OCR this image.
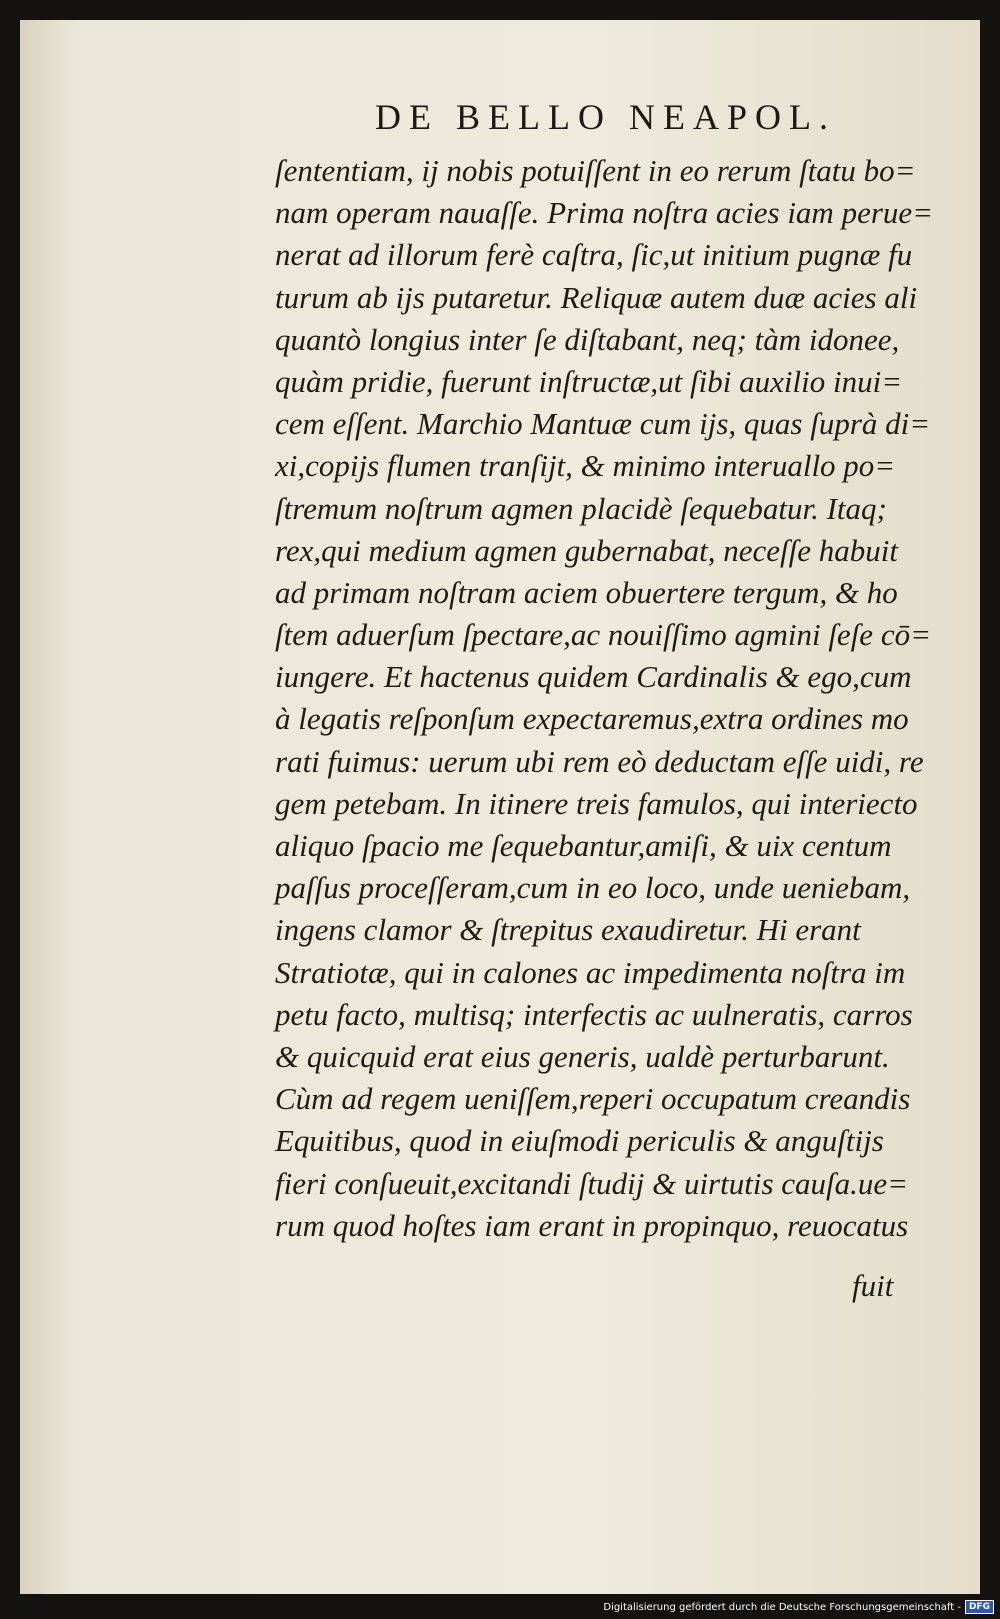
DE BELLO NEAPOL.
ſententiam, ij nobis potuiſſent in eo rerum ſtatu bo=
nam operam nauaſſe. Prima noſtra acies iam perue=
nerat ad illorum ferè caſtra, ſic,ut initium pugnæ fu
turum ab ijs putaretur. Reliquæ autem duæ acies ali
quantò longius inter ſe diſtabant, neq; tàm idonee,
quàm pridie, fuerunt inſtructæ,ut ſibi auxilio inui=
cem eſſent. Marchio Mantuæ cum ijs, quas ſuprà di=
xi,copijs flumen tranſijt, & minimo interuallo po=
ſtremum noſtrum agmen placidè ſequebatur. Itaq;
rex,qui medium agmen gubernabat, neceſſe habuit
ad primam noſtram aciem obuertere tergum, & ho
ſtem aduerſum ſpectare,ac nouiſſimo agmini ſeſe cō=
iungere. Et hactenus quidem Cardinalis & ego,cum
à legatis reſponſum expectaremus,extra ordines mo
rati fuimus: uerum ubi rem eò deductam eſſe uidi, re
gem petebam. In itinere treis famulos, qui interiecto
aliquo ſpacio me ſequebantur,amiſi, & uix centum
paſſus proceſſeram,cum in eo loco, unde ueniebam,
ingens clamor & ſtrepitus exaudiretur. Hi erant
Stratiotæ, qui in calones ac impedimenta noſtra im
petu facto, multisq; interfectis ac uulneratis, carros
& quicquid erat eius generis, ualdè perturbarunt.
Cùm ad regem ueniſſem,reperi occupatum creandis
Equitibus, quod in eiuſmodi periculis & anguſtijs
fieri conſueuit,excitandi ſtudij & uirtutis cauſa.ue=
rum quod hoſtes iam erant in propinquo, reuocatus
fuit
Digitalisierung gefördert durch die Deutsche Forschungsgemeinschaft - DFG
